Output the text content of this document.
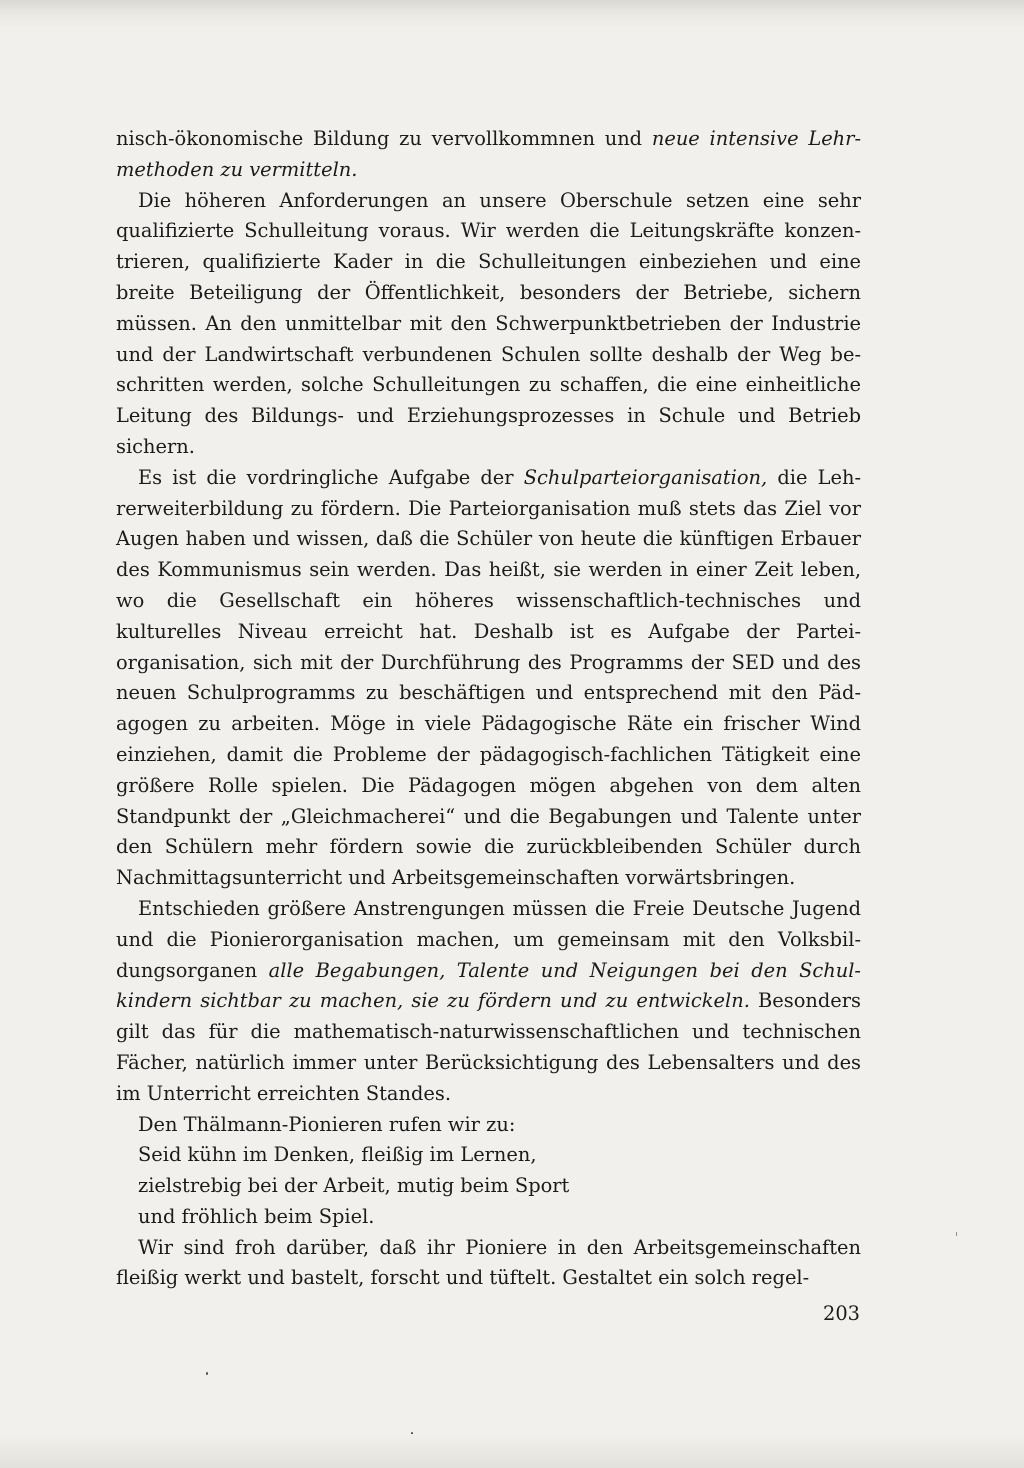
nisch-ökonomische Bildung zu vervollkommnen und neue intensive Lehrmethoden zu vermitteln.

Die höheren Anforderungen an unsere Oberschule setzen eine sehr qualifizierte Schulleitung voraus. Wir werden die Leitungskräfte konzentrieren, qualifizierte Kader in die Schulleitungen einbeziehen und eine breite Beteiligung der Öffentlichkeit, besonders der Betriebe, sichern müssen. An den unmittelbar mit den Schwerpunktbetrieben der Industrie und der Landwirtschaft verbundenen Schulen sollte deshalb der Weg beschritten werden, solche Schulleitungen zu schaffen, die eine einheitliche Leitung des Bildungs- und Erziehungsprozesses in Schule und Betrieb sichern.

Es ist die vordringliche Aufgabe der Schulparteiorganisation, die Lehrerweiterbildung zu fördern. Die Parteiorganisation muß stets das Ziel vor Augen haben und wissen, daß die Schüler von heute die künftigen Erbauer des Kommunismus sein werden. Das heißt, sie werden in einer Zeit leben, wo die Gesellschaft ein höheres wissenschaftlich-technisches und kulturelles Niveau erreicht hat. Deshalb ist es Aufgabe der Parteiorganisation, sich mit der Durchführung des Programms der SED und des neuen Schulprogramms zu beschäftigen und entsprechend mit den Pädagogen zu arbeiten. Möge in viele Pädagogische Räte ein frischer Wind einziehen, damit die Probleme der pädagogisch-fachlichen Tätigkeit eine größere Rolle spielen. Die Pädagogen mögen abgehen von dem alten Standpunkt der „Gleichmacherei“ und die Begabungen und Talente unter den Schülern mehr fördern sowie die zurückbleibenden Schüler durch Nachmittagsunterricht und Arbeitsgemeinschaften vorwärtsbringen.

Entschieden größere Anstrengungen müssen die Freie Deutsche Jugend und die Pionierorganisation machen, um gemeinsam mit den Volksbildungsorganen alle Begabungen, Talente und Neigungen bei den Schulkindern sichtbar zu machen, sie zu fördern und zu entwickeln. Besonders gilt das für die mathematisch-naturwissenschaftlichen und technischen Fächer, natürlich immer unter Berücksichtigung des Lebensalters und des im Unterricht erreichten Standes.

Den Thälmann-Pionieren rufen wir zu:
Seid kühn im Denken, fleißig im Lernen,
zielstrebig bei der Arbeit, mutig beim Sport
und fröhlich beim Spiel.

Wir sind froh darüber, daß ihr Pioniere in den Arbeitsgemeinschaften fleißig werkt und bastelt, forscht und tüftelt. Gestaltet ein solch regel-

203
